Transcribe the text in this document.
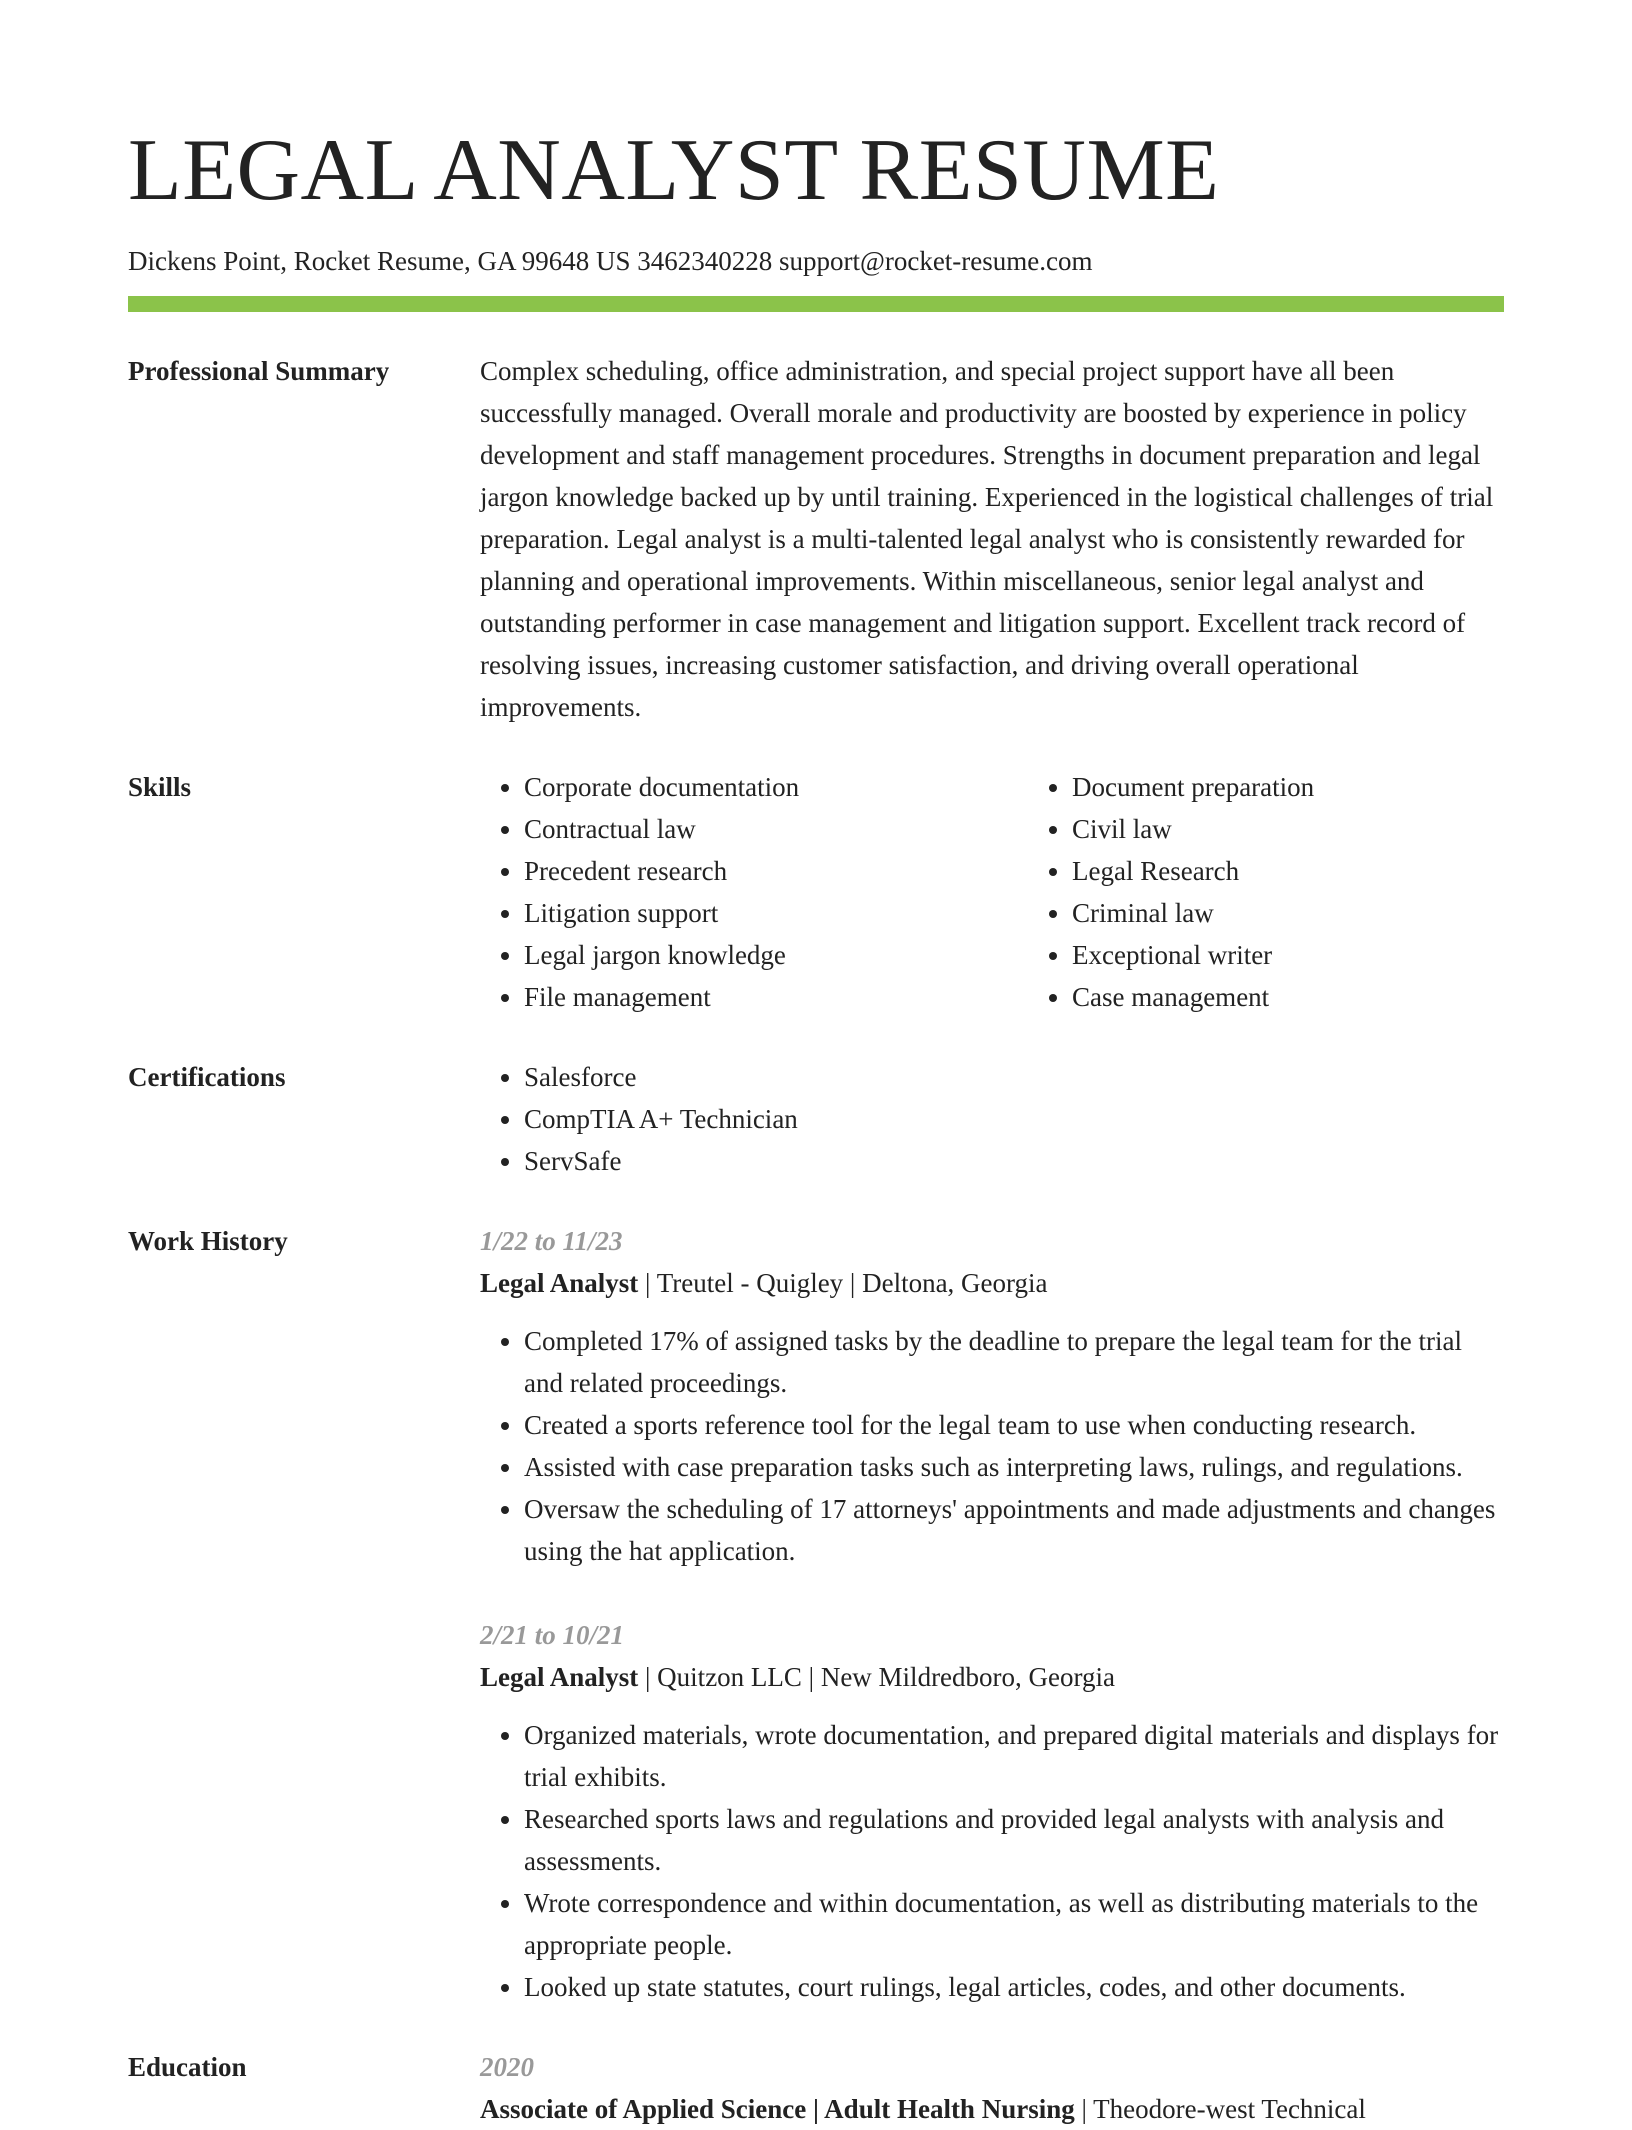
LEGAL ANALYST RESUME
Dickens Point, Rocket Resume, GA 99648 US 3462340228 support@rocket-resume.com
Professional Summary	Complex scheduling, office administration, and special project support have all been successfully managed. Overall morale and productivity are boosted by experience in policy development and staff management procedures. Strengths in document preparation and legal jargon knowledge backed up by until training. Experienced in the logistical challenges of trial preparation. Legal analyst is a multi-talented legal analyst who is consistently rewarded for planning and operational improvements. Within miscellaneous, senior legal analyst and outstanding performer in case management and litigation support. Excellent track record of resolving issues, increasing customer satisfaction, and driving overall operational improvements.

Skills	• Corporate documentation
• Contractual law
• Precedent research
• Litigation support
• Legal jargon knowledge
• File management
• Document preparation
• Civil law
• Legal Research
• Criminal law
• Exceptional writer
• Case management
Certifications	• Salesforce
• CompTIA A+ Technician
• ServSafe
Work History	1/22 to 11/23
Legal Analyst | Treutel - Quigley | Deltona, Georgia
• Completed 17% of assigned tasks by the deadline to prepare the legal team for the trial and related proceedings.
• Created a sports reference tool for the legal team to use when conducting research.
• Assisted with case preparation tasks such as interpreting laws, rulings, and regulations.
• Oversaw the scheduling of 17 attorneys' appointments and made adjustments and changes using the hat application.
2/21 to 10/21
Legal Analyst | Quitzon LLC | New Mildredboro, Georgia
• Organized materials, wrote documentation, and prepared digital materials and displays for trial exhibits.
• Researched sports laws and regulations and provided legal analysts with analysis and assessments.
• Wrote correspondence and within documentation, as well as distributing materials to the appropriate people.
• Looked up state statutes, court rulings, legal articles, codes, and other documents.
Education	2020
Associate of Applied Science | Adult Health Nursing | Theodore-west Technical
